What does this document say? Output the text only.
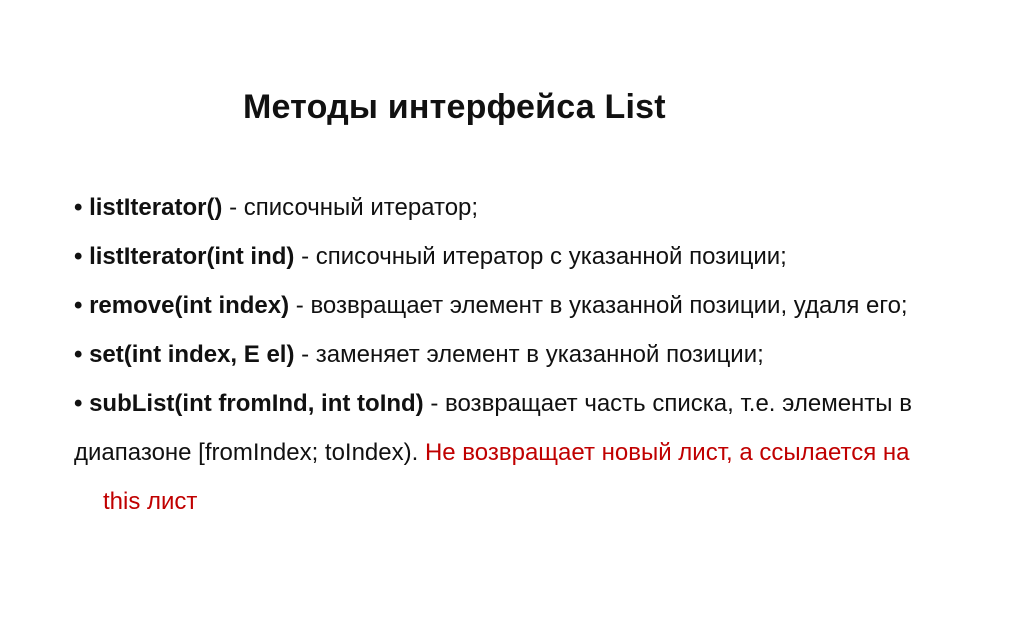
Методы интерфейса List
• listIterator() - списочный итератор;
• listIterator(int ind) - списочный итератор с указанной позиции;
• remove(int index) - возвращает элемент в указанной позиции, удаля его;
• set(int index, E el) - заменяет элемент в указанной позиции;
• subList(int fromInd, int toInd) - возвращает часть списка, т.е. элементы в
диапазоне [fromIndex; toIndex). Не возвращает новый лист, а ссылается на
this лист
